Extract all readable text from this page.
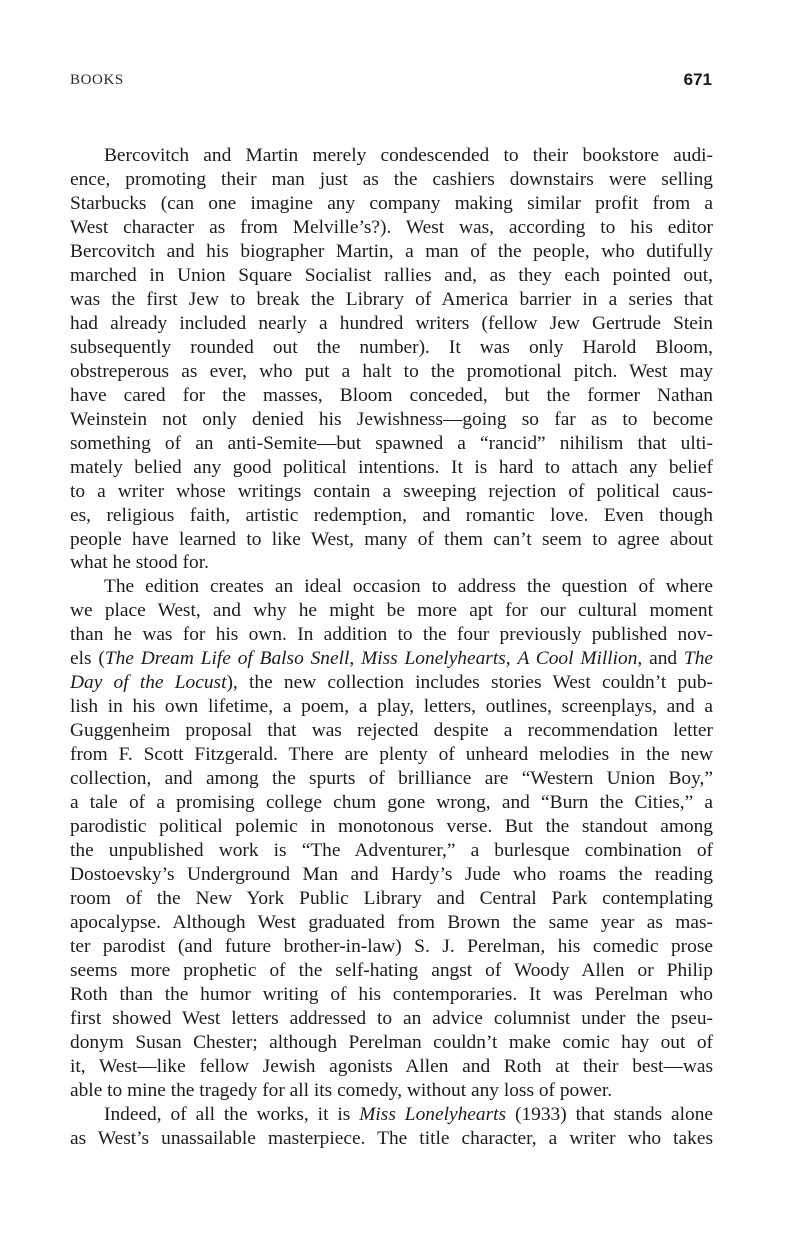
BOOKS	671
Bercovitch and Martin merely condescended to their bookstore audi-
ence, promoting their man just as the cashiers downstairs were selling
Starbucks (can one imagine any company making similar profit from a
West character as from Melville’s?). West was, according to his editor
Bercovitch and his biographer Martin, a man of the people, who dutifully
marched in Union Square Socialist rallies and, as they each pointed out,
was the first Jew to break the Library of America barrier in a series that
had already included nearly a hundred writers (fellow Jew Gertrude Stein
subsequently rounded out the number). It was only Harold Bloom,
obstreperous as ever, who put a halt to the promotional pitch. West may
have cared for the masses, Bloom conceded, but the former Nathan
Weinstein not only denied his Jewishness—going so far as to become
something of an anti-Semite—but spawned a “rancid” nihilism that ulti-
mately belied any good political intentions. It is hard to attach any belief
to a writer whose writings contain a sweeping rejection of political caus-
es, religious faith, artistic redemption, and romantic love. Even though
people have learned to like West, many of them can’t seem to agree about
what he stood for.
The edition creates an ideal occasion to address the question of where
we place West, and why he might be more apt for our cultural moment
than he was for his own. In addition to the four previously published nov-
els (The Dream Life of Balso Snell, Miss Lonelyhearts, A Cool Million, and The
Day of the Locust), the new collection includes stories West couldn’t pub-
lish in his own lifetime, a poem, a play, letters, outlines, screenplays, and a
Guggenheim proposal that was rejected despite a recommendation letter
from F. Scott Fitzgerald. There are plenty of unheard melodies in the new
collection, and among the spurts of brilliance are “Western Union Boy,”
a tale of a promising college chum gone wrong, and “Burn the Cities,” a
parodistic political polemic in monotonous verse. But the standout among
the unpublished work is “The Adventurer,” a burlesque combination of
Dostoevsky’s Underground Man and Hardy’s Jude who roams the reading
room of the New York Public Library and Central Park contemplating
apocalypse. Although West graduated from Brown the same year as mas-
ter parodist (and future brother-in-law) S. J. Perelman, his comedic prose
seems more prophetic of the self-hating angst of Woody Allen or Philip
Roth than the humor writing of his contemporaries. It was Perelman who
first showed West letters addressed to an advice columnist under the pseu-
donym Susan Chester; although Perelman couldn’t make comic hay out of
it, West—like fellow Jewish agonists Allen and Roth at their best—was
able to mine the tragedy for all its comedy, without any loss of power.
Indeed, of all the works, it is Miss Lonelyhearts (1933) that stands alone
as West’s unassailable masterpiece. The title character, a writer who takes
